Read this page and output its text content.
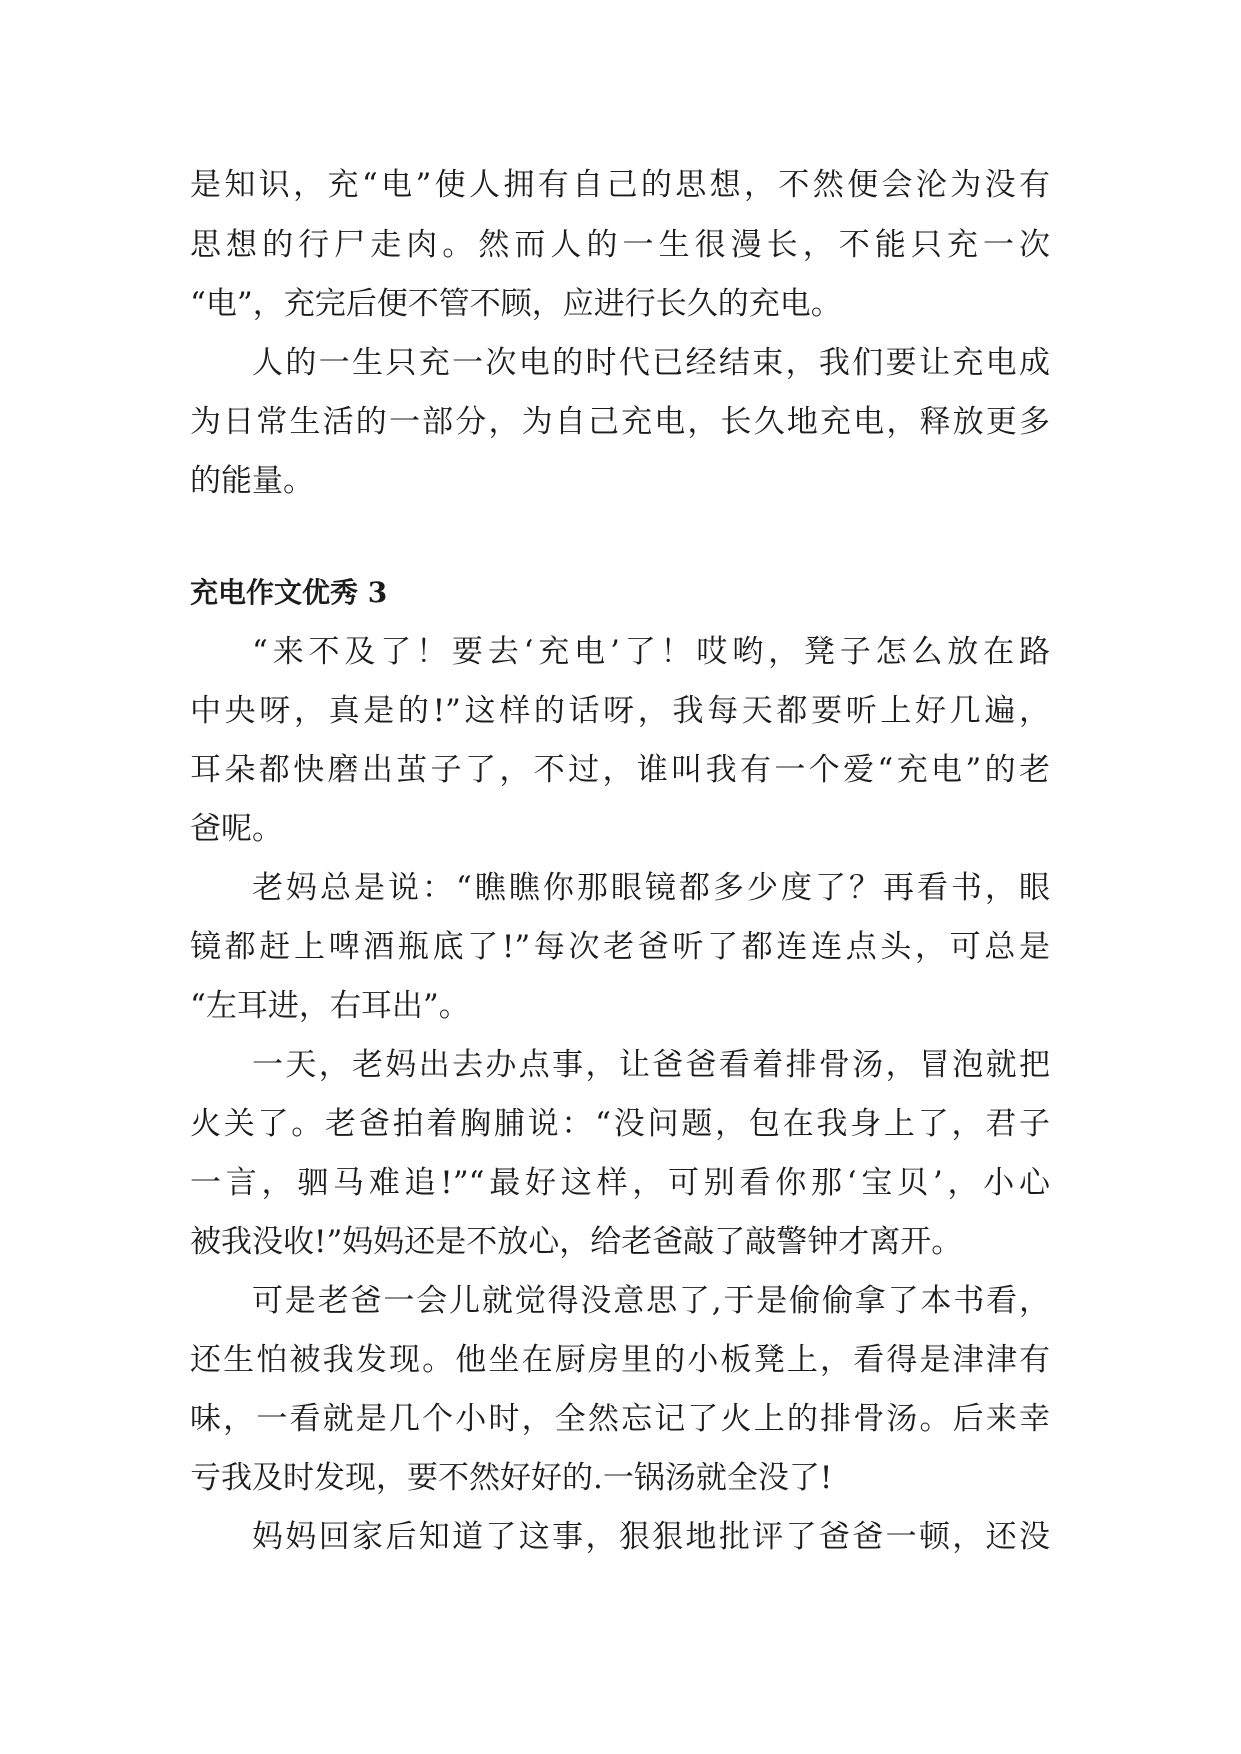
是知识，充“电”使人拥有自己的思想，不然便会沦为没有

思想的行尸走肉。然而人的一生很漫长，不能只充一次

“电”，充完后便不管不顾，应进行长久的充电。

人的一生只充一次电的时代已经结束，我们要让充电成

为日常生活的一部分，为自己充电，长久地充电，释放更多

的能量。

充电作文优秀 3

“来不及了！要去‘充电’了！哎哟，凳子怎么放在路

中央呀，真是的!”这样的话呀，我每天都要听上好几遍，

耳朵都快磨出茧子了，不过，谁叫我有一个爱“充电”的老

爸呢。

老妈总是说：“瞧瞧你那眼镜都多少度了？再看书，眼

镜都赶上啤酒瓶底了!”每次老爸听了都连连点头，可总是

“左耳进，右耳出”。

一天，老妈出去办点事，让爸爸看着排骨汤，冒泡就把

火关了。老爸拍着胸脯说：“没问题，包在我身上了，君子

一言，驷马难追!”“最好这样，可别看你那‘宝贝’，小心

被我没收!”妈妈还是不放心，给老爸敲了敲警钟才离开。

可是老爸一会儿就觉得没意思了,于是偷偷拿了本书看，

还生怕被我发现。他坐在厨房里的小板凳上，看得是津津有

味，一看就是几个小时，全然忘记了火上的排骨汤。后来幸

亏我及时发现，要不然好好的.一锅汤就全没了!

妈妈回家后知道了这事，狠狠地批评了爸爸一顿，还没
